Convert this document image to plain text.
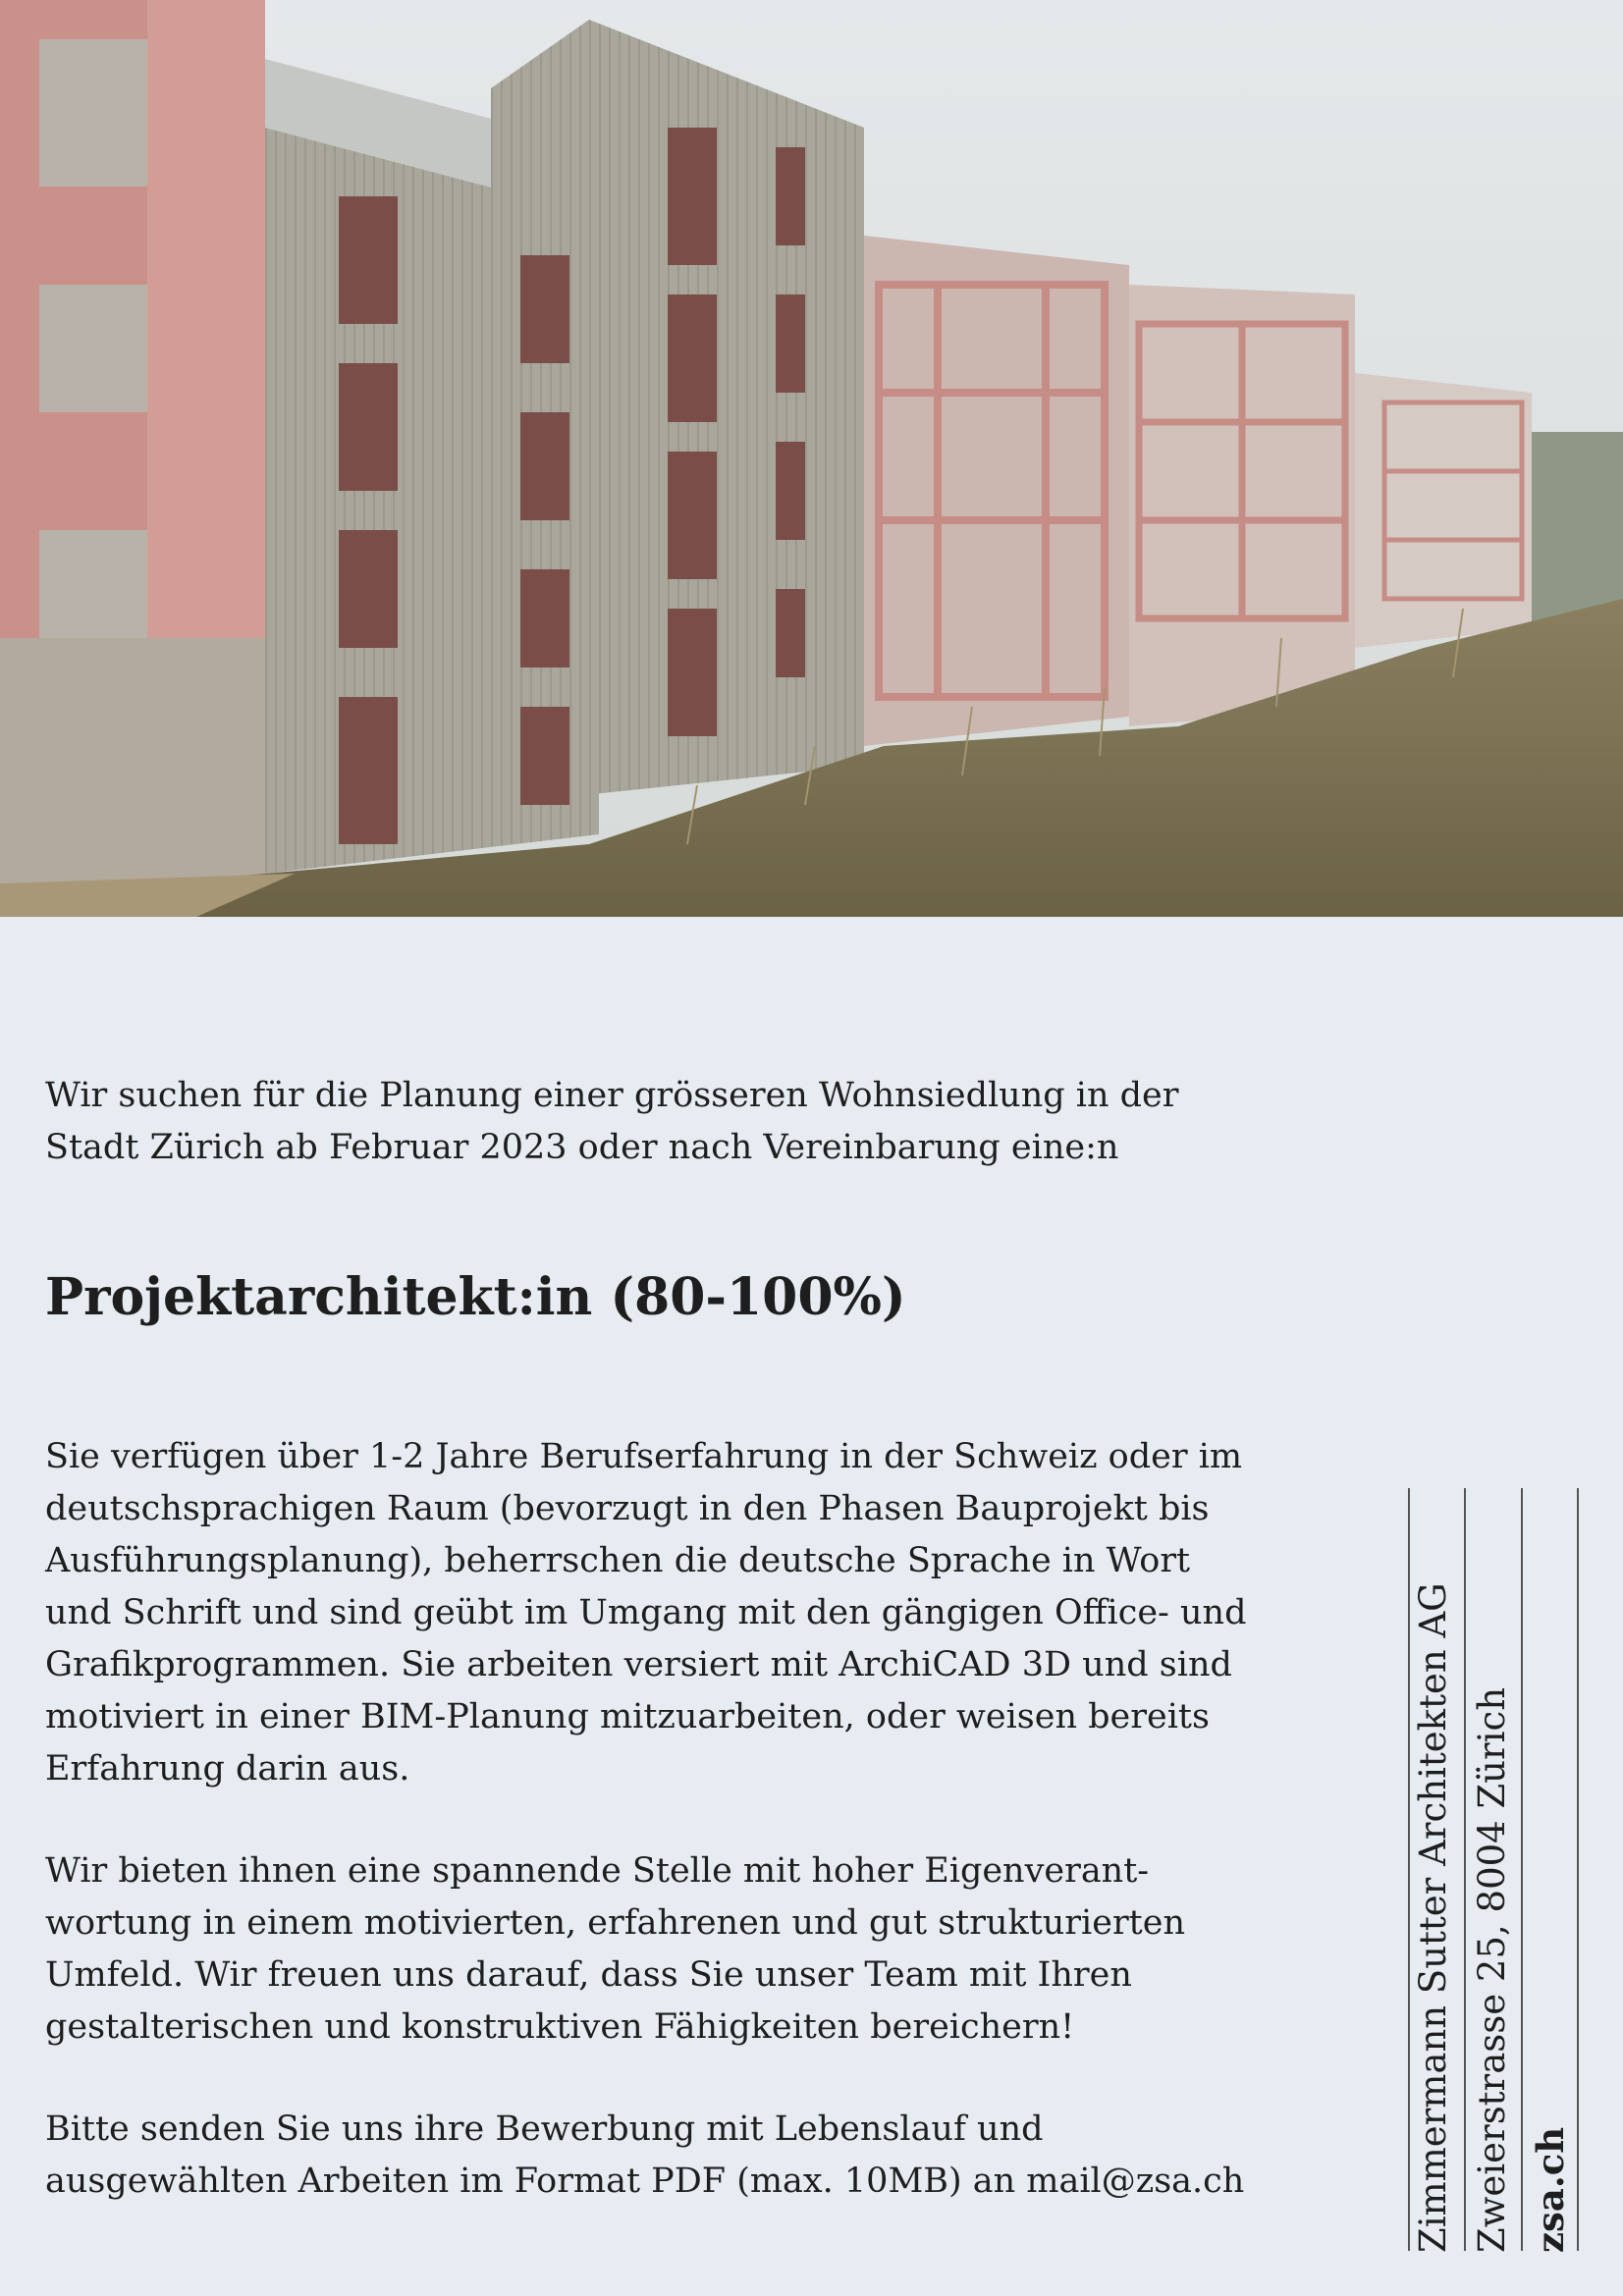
Wir suchen für die Planung einer grösseren Wohnsiedlung in der Stadt Zürich ab Februar 2023 oder nach Vereinbarung eine:n

Projektarchitekt:in (80-100%)

Sie verfügen über 1-2 Jahre Berufserfahrung in der Schweiz oder im deutschsprachigen Raum (bevorzugt in den Phasen Bauprojekt bis Ausführungsplanung), beherrschen die deutsche Sprache in Wort und Schrift und sind geübt im Umgang mit den gängigen Office- und Grafikprogrammen. Sie arbeiten versiert mit ArchiCAD 3D und sind motiviert in einer BIM-Planung mitzuarbeiten, oder weisen bereits Erfahrung darin aus.

Wir bieten ihnen eine spannende Stelle mit hoher Eigenverant-wortung in einem motivierten, erfahrenen und gut strukturierten Umfeld. Wir freuen uns darauf, dass Sie unser Team mit Ihren gestalterischen und konstruktiven Fähigkeiten bereichern!

Bitte senden Sie uns ihre Bewerbung mit Lebenslauf und ausgewählten Arbeiten im Format PDF (max. 10MB) an mail@zsa.ch	Zimmermann Sutter Architekten AG Zweierstrasse 25, 8004 Zürich zsa.ch
